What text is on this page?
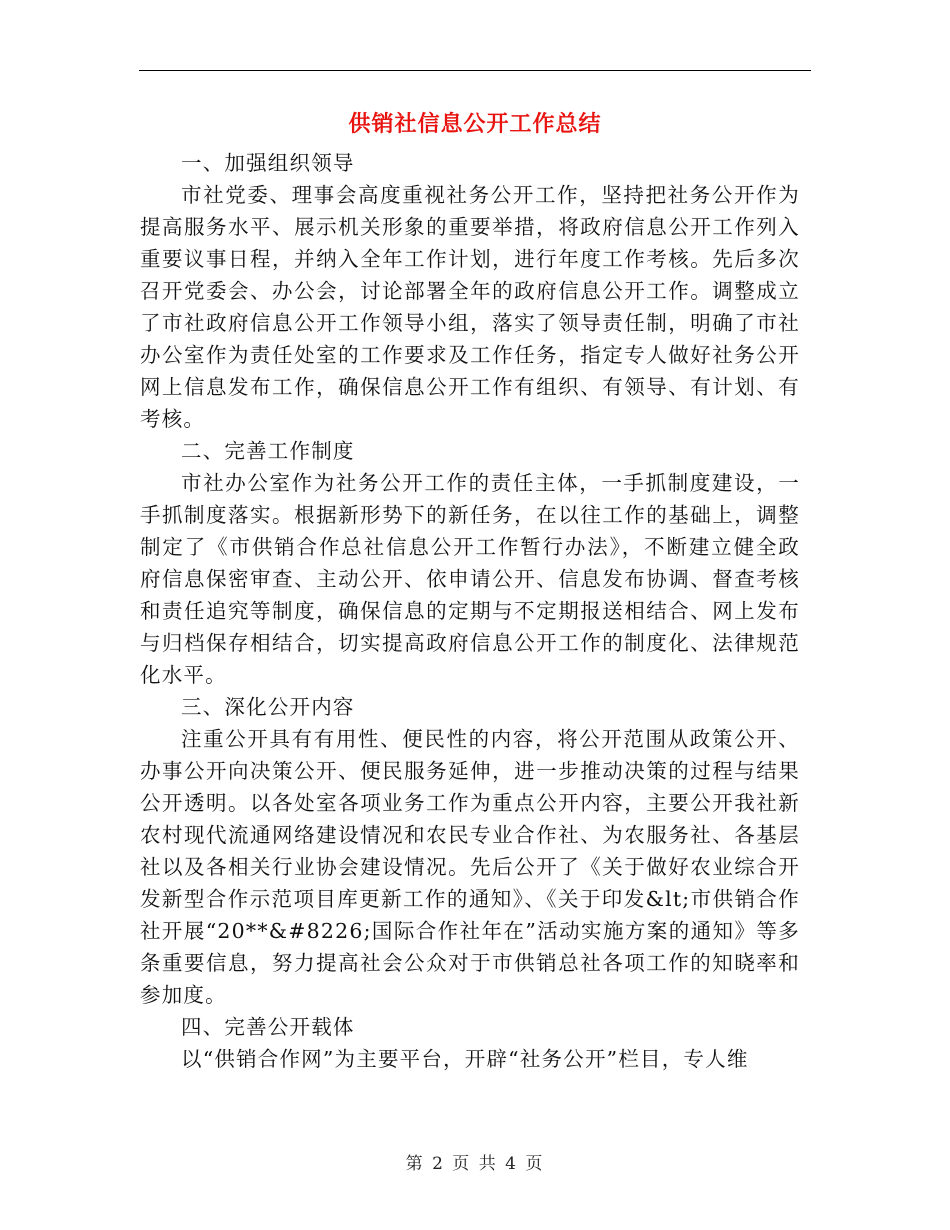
供销社信息公开工作总结

一、加强组织领导

市社党委、理事会高度重视社务公开工作，坚持把社务公开作为提高服务水平、展示机关形象的重要举措，将政府信息公开工作列入重要议事日程，并纳入全年工作计划，进行年度工作考核。先后多次召开党委会、办公会，讨论部署全年的政府信息公开工作。调整成立了市社政府信息公开工作领导小组，落实了领导责任制，明确了市社办公室作为责任处室的工作要求及工作任务，指定专人做好社务公开网上信息发布工作，确保信息公开工作有组织、有领导、有计划、有考核。

二、完善工作制度

市社办公室作为社务公开工作的责任主体，一手抓制度建设，一手抓制度落实。根据新形势下的新任务，在以往工作的基础上，调整制定了《市供销合作总社信息公开工作暂行办法》，不断建立健全政府信息保密审查、主动公开、依申请公开、信息发布协调、督查考核和责任追究等制度，确保信息的定期与不定期报送相结合、网上发布与归档保存相结合，切实提高政府信息公开工作的制度化、法律规范化水平。

三、深化公开内容

注重公开具有有用性、便民性的内容，将公开范围从政策公开、办事公开向决策公开、便民服务延伸，进一步推动决策的过程与结果公开透明。以各处室各项业务工作为重点公开内容，主要公开我社新农村现代流通网络建设情况和农民专业合作社、为农服务社、各基层社以及各相关行业协会建设情况。先后公开了《关于做好农业综合开发新型合作示范项目库更新工作的通知》、《关于印发&lt;市供销合作社开展“20**&#8226;国际合作社年在”活动实施方案的通知》等多条重要信息，努力提高社会公众对于市供销总社各项工作的知晓率和参加度。

四、完善公开载体

以“供销合作网”为主要平台，开辟“社务公开”栏目，专人维

第 2 页 共 4 页
